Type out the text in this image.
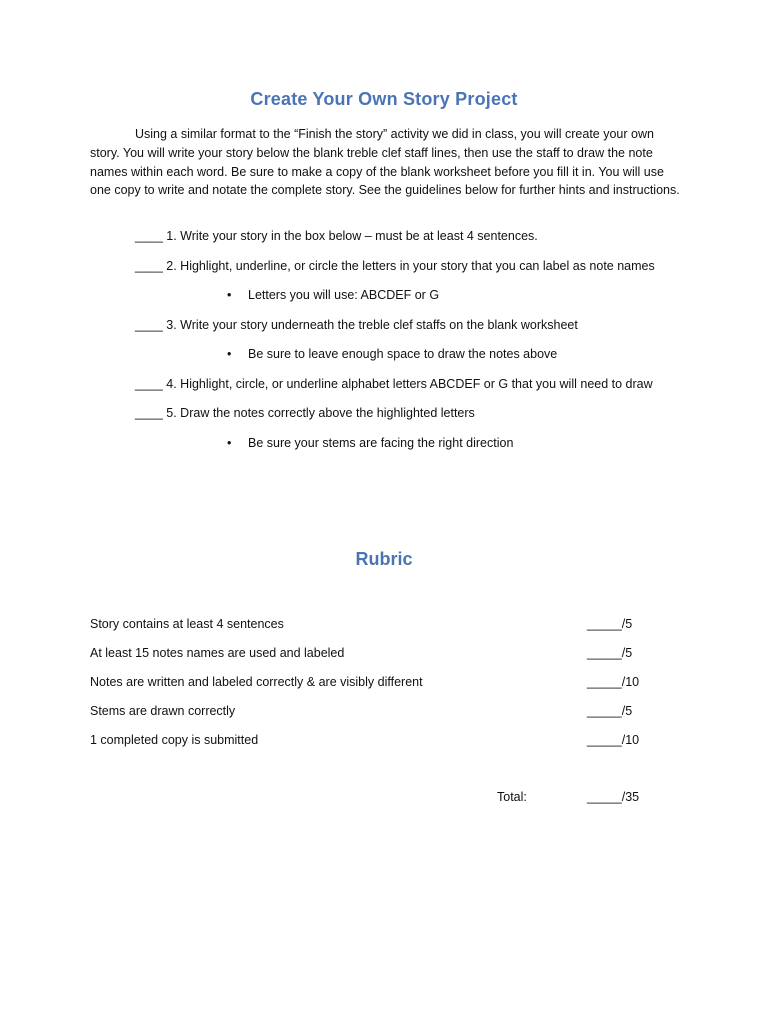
Create Your Own Story Project

Using a similar format to the “Finish the story” activity we did in class, you will create your own story. You will write your story below the blank treble clef staff lines, then use the staff to draw the note names within each word. Be sure to make a copy of the blank worksheet before you fill it in. You will use one copy to write and notate the complete story. See the guidelines below for further hints and instructions.

____ 1. Write your story in the box below – must be at least 4 sentences.
____ 2. Highlight, underline, or circle the letters in your story that you can label as note names
• Letters you will use: ABCDEF or G
____ 3. Write your story underneath the treble clef staffs on the blank worksheet
• Be sure to leave enough space to draw the notes above
____ 4. Highlight, circle, or underline alphabet letters ABCDEF or G that you will need to draw
____ 5. Draw the notes correctly above the highlighted letters
• Be sure your stems are facing the right direction
Rubric
Story contains at least 4 sentences	_____/5
At least 15 notes names are used and labeled	_____/5
Notes are written and labeled correctly & are visibly different	_____/10
Stems are drawn correctly	_____/5
1 completed copy is submitted	_____/10
Total:	_____/35
